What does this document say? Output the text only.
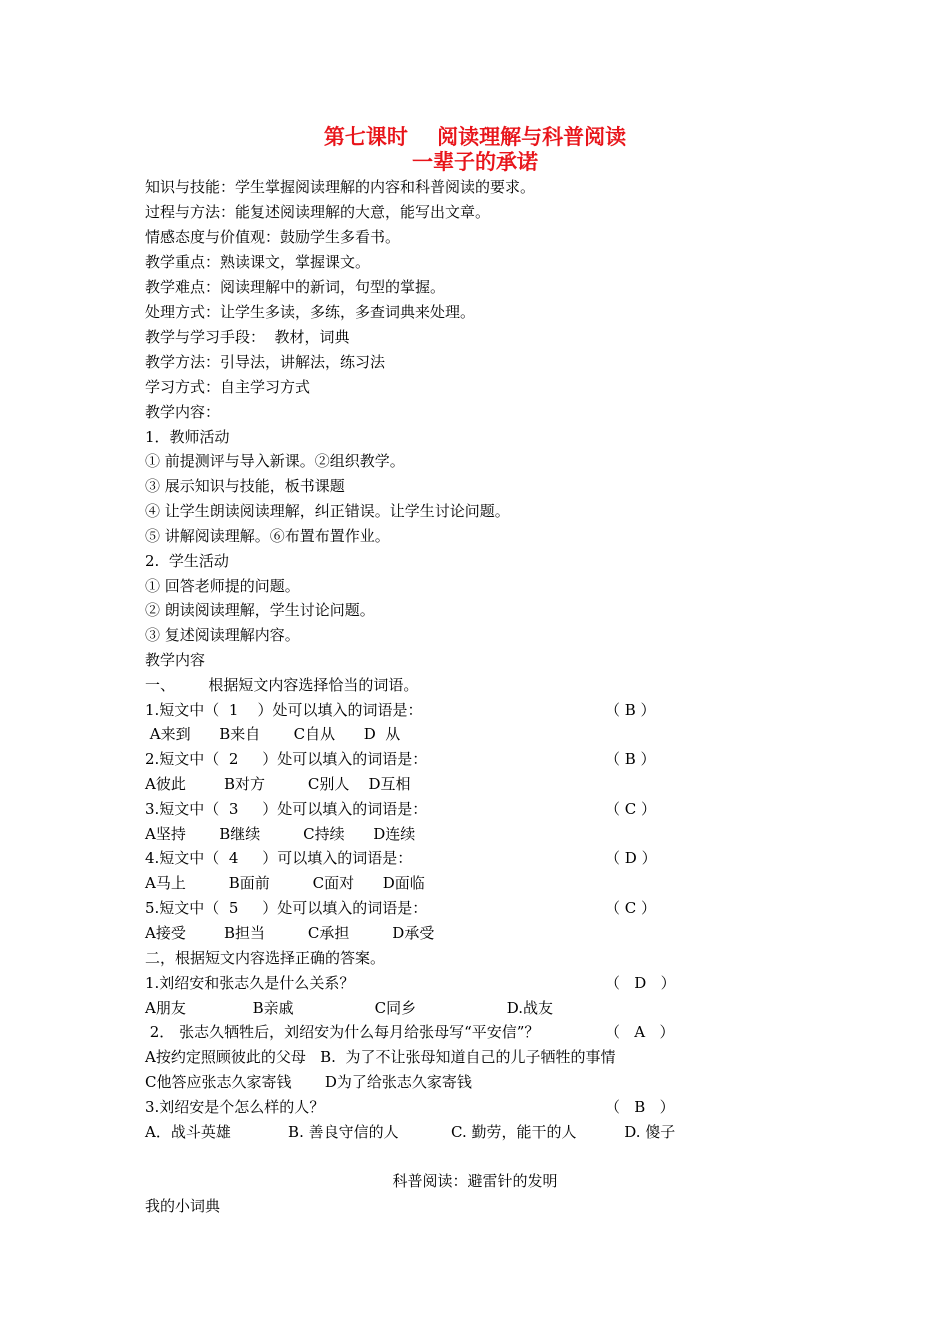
第七课时    阅读理解与科普阅读
一辈子的承诺
知识与技能：学生掌握阅读理解的内容和科普阅读的要求。
过程与方法：能复述阅读理解的大意，能写出文章。
情感态度与价值观：鼓励学生多看书。
教学重点：熟读课文，掌握课文。
教学难点：阅读理解中的新词，句型的掌握。
处理方式：让学生多读，多练，多查词典来处理。
教学与学习手段：  教材，词典
教学方法：引导法，讲解法，练习法
学习方式：自主学习方式
教学内容：
1．教师活动
① 前提测评与导入新课。②组织教学。
③ 展示知识与技能，板书课题
④ 让学生朗读阅读理解，纠正错误。让学生讨论问题。
⑤ 讲解阅读理解。⑥布置布置作业。
2.  学生活动
① 回答老师提的问题。
② 朗读阅读理解，学生讨论问题。
③ 复述阅读理解内容。
教学内容
一、       根据短文内容选择恰当的词语。
1.短文中（  1    ）处可以填入的词语是：	（ B ）
A来到      B来自       C自从      D  从
2.短文中（  2     ）处可以填入的词语是：	（ B ）
A彼此        B对方         C别人    D互相
3.短文中（  3     ）处可以填入的词语是：	（ C ）
A坚持       B继续         C持续      D连续
4.短文中（  4     ）可以填入的词语是：	（ D ）
A马上         B面前         C面对      D面临
5.短文中（  5     ）处可以填入的词语是：	（ C ）
A接受        B担当         C承担         D承受
二，根据短文内容选择正确的答案。
1.刘绍安和张志久是什么关系？	（   D   ）
A朋友              B亲戚                 C同乡                   D.战友
2． 张志久牺牲后，刘绍安为什么每月给张母写“平安信”？	（   A   ）
A按约定照顾彼此的父母   B.  为了不让张母知道自己的儿子牺牲的事情
C他答应张志久家寄钱       D为了给张志久家寄钱
3.刘绍安是个怎么样的人？	（   B   ）
A．战斗英雄            B. 善良守信的人           C. 勤劳，能干的人          D. 傻子
科普阅读：避雷针的发明
我的小词典
